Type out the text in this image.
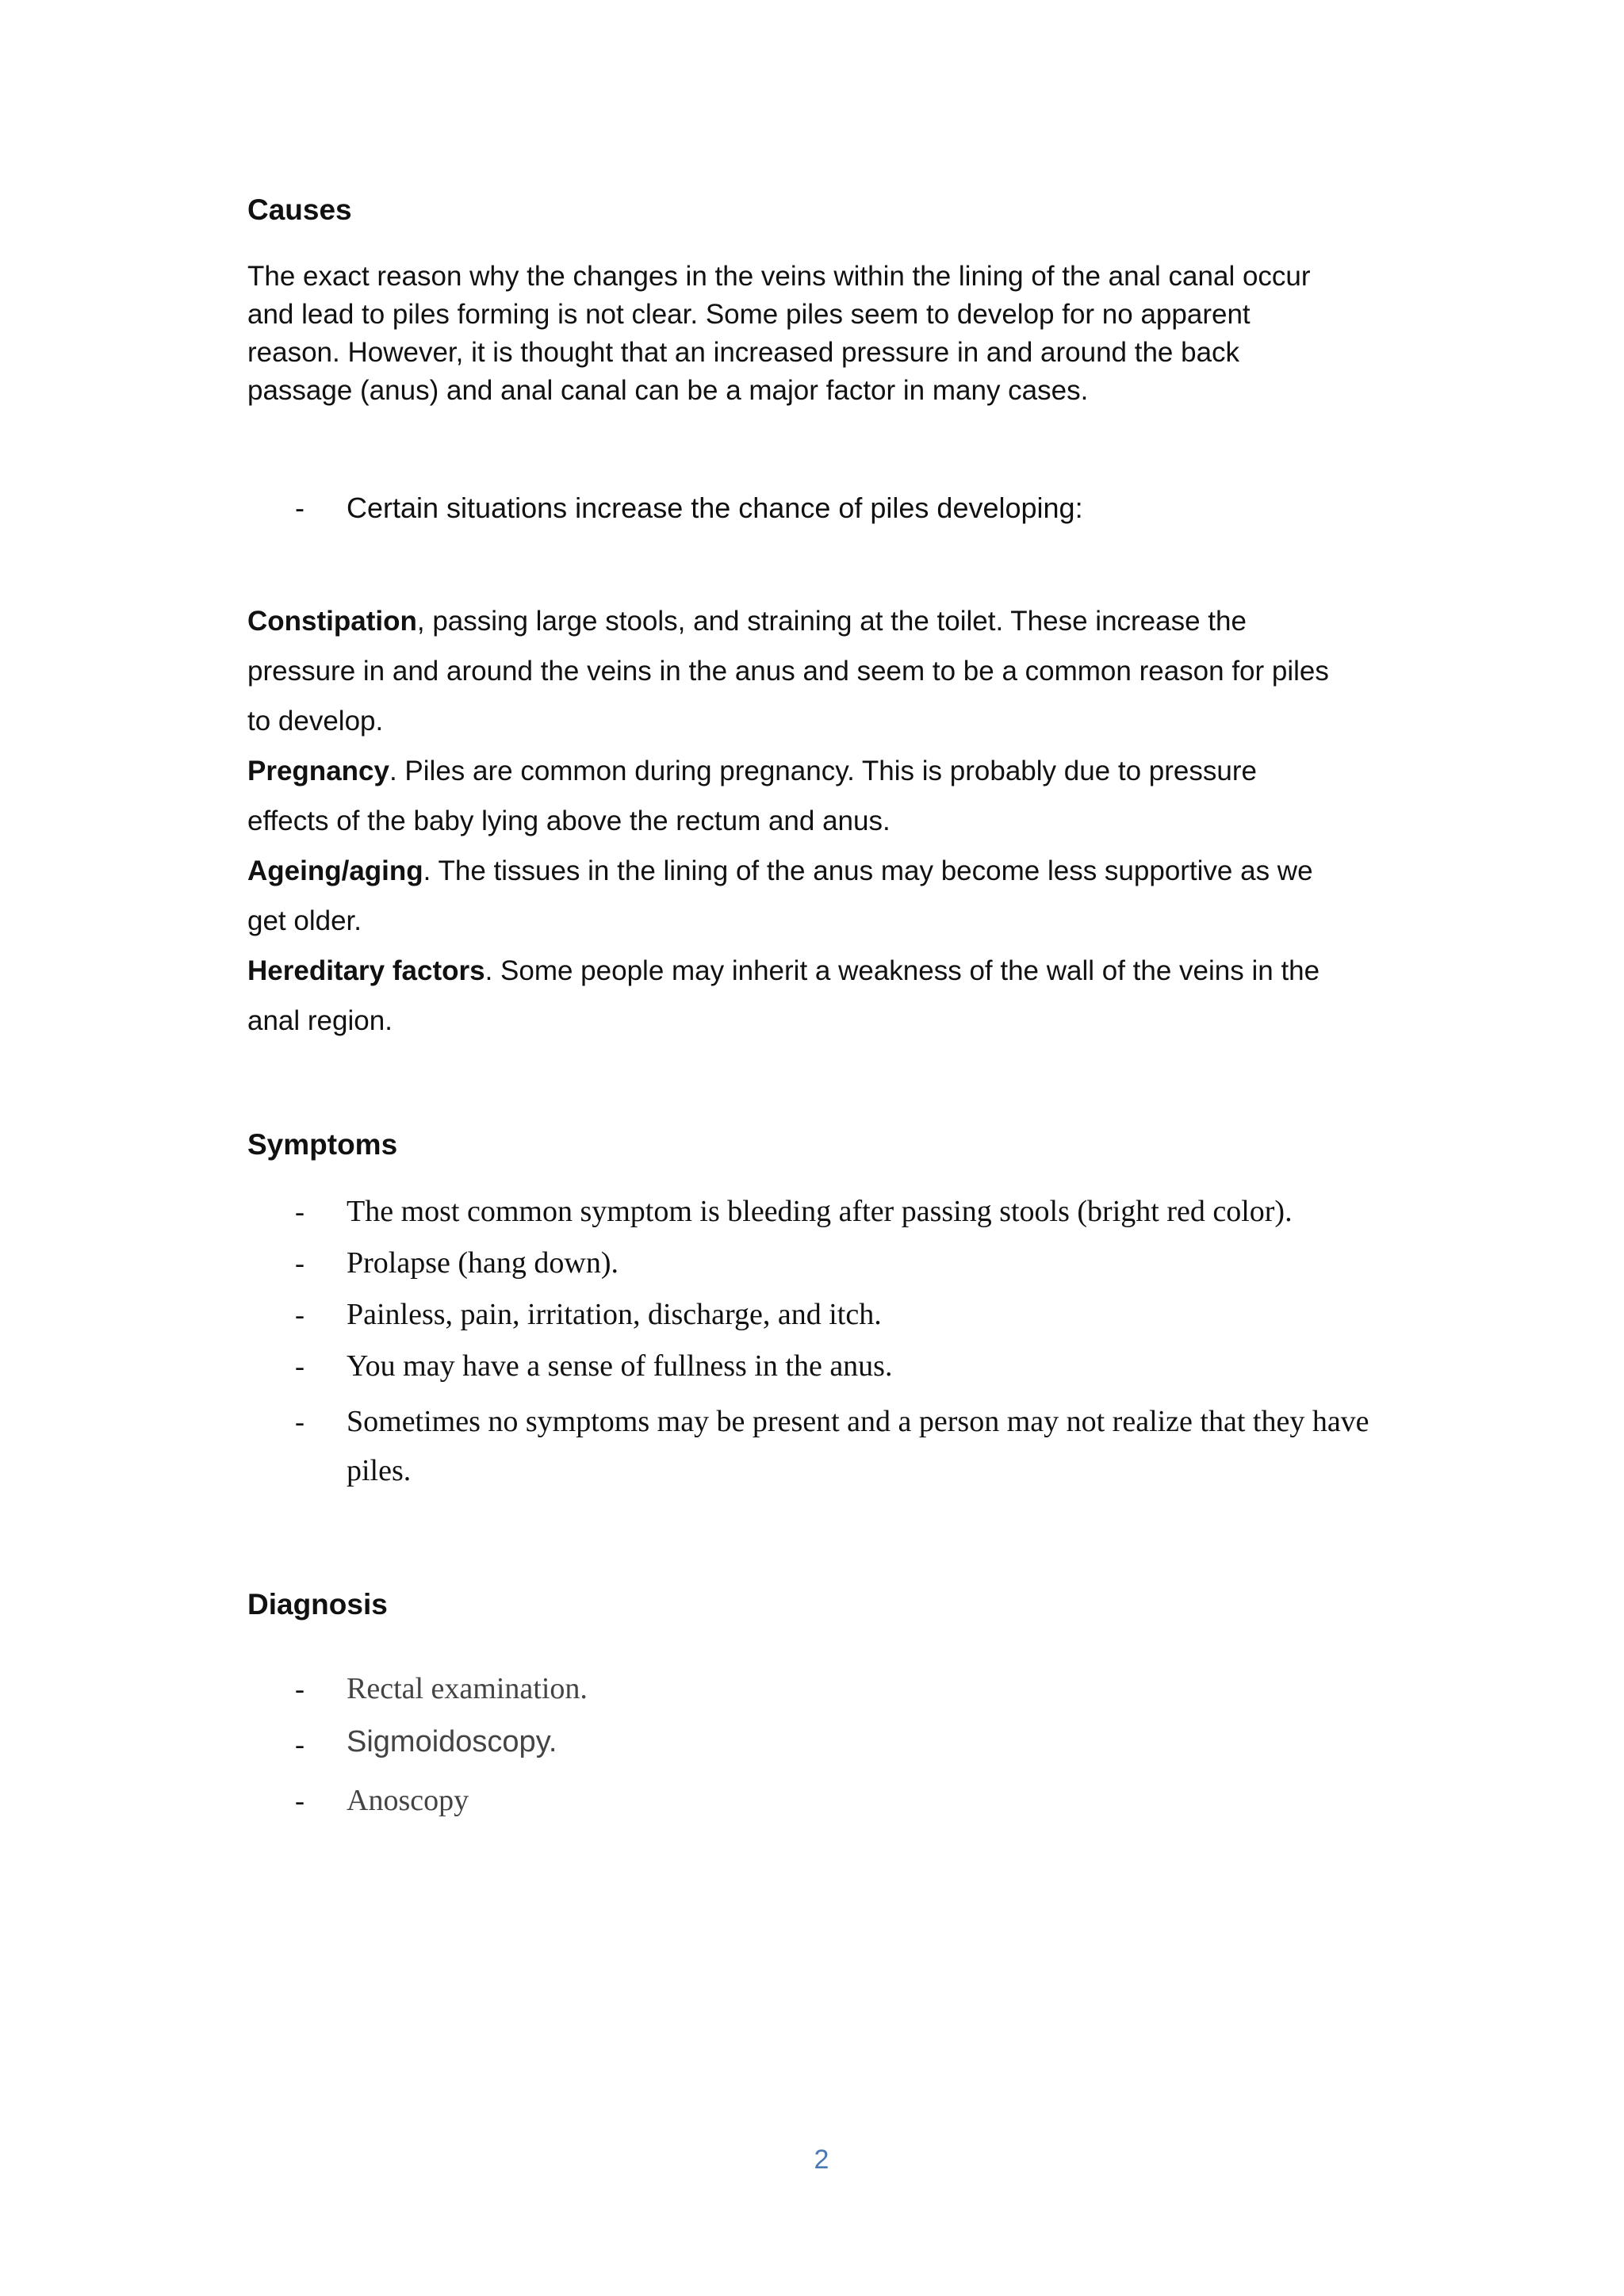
Causes
The exact reason why the changes in the veins within the lining of the anal canal occur
and lead to piles forming is not clear. Some piles seem to develop for no apparent
reason. However, it is thought that an increased pressure in and around the back
passage (anus) and anal canal can be a major factor in many cases.
- Certain situations increase the chance of piles developing:
Constipation, passing large stools, and straining at the toilet. These increase the
pressure in and around the veins in the anus and seem to be a common reason for piles
to develop.
Pregnancy. Piles are common during pregnancy. This is probably due to pressure
effects of the baby lying above the rectum and anus.
Ageing/aging. The tissues in the lining of the anus may become less supportive as we
get older.
Hereditary factors. Some people may inherit a weakness of the wall of the veins in the
anal region.
Symptoms
- The most common symptom is bleeding after passing stools (bright red color).
- Prolapse (hang down).
- Painless, pain, irritation, discharge, and itch.
- You may have a sense of fullness in the anus.
- Sometimes no symptoms may be present and a person may not realize that they have
piles.
Diagnosis
- Rectal examination.
- Sigmoidoscopy.
- Anoscopy
2
